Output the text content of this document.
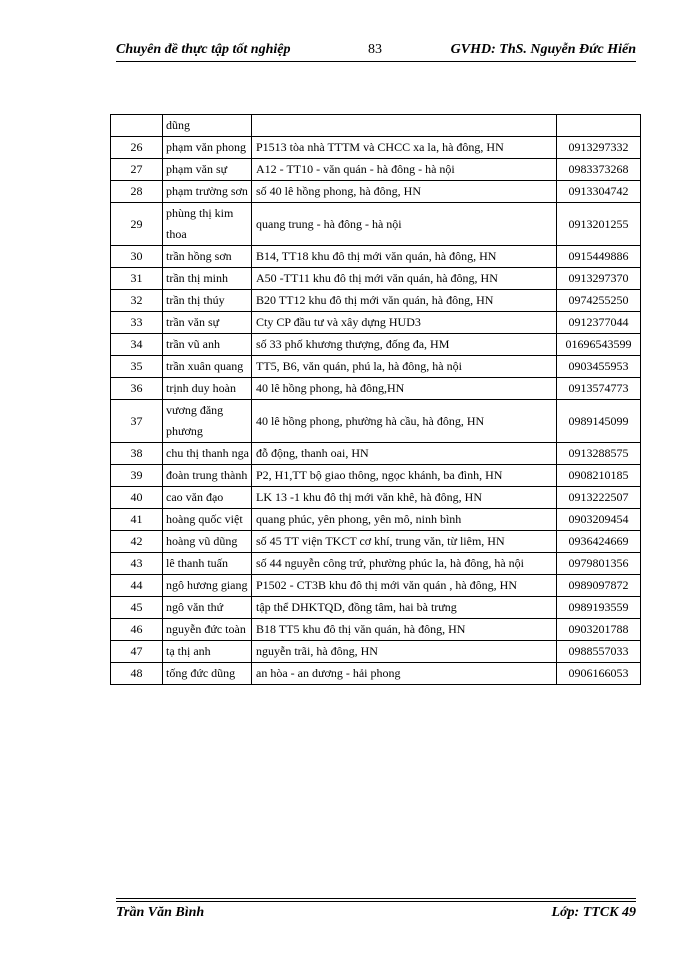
Chuyên đề thực tập tốt nghiệp	83	GVHD: ThS. Nguyễn Đức Hiển
	dũng		
26	phạm văn phong	P1513 tòa nhà TTTM và CHCC xa la, hà đông, HN	0913297332
27	phạm văn sự	A12 - TT10 - văn quán - hà đông - hà nội	0983373268
28	phạm trường sơn	số 40 lê hồng phong, hà đông, HN	0913304742
29	phùng thị kim thoa	quang trung - hà đông - hà nội	0913201255
30	trần hồng sơn	B14, TT18 khu đô thị mới văn quán, hà đông, HN	0915449886
31	trần thị minh	A50 -TT11 khu đô thị mới văn quán, hà đông, HN	0913297370
32	trần thị thúy	B20 TT12 khu đô thị mới văn quán, hà đông, HN	0974255250
33	trần văn sự	Cty CP đầu tư và xây dựng HUD3	0912377044
34	trần vũ anh	số 33 phố khương thượng, đống đa, HM	01696543599
35	trần xuân quang	TT5, B6, văn quán, phú la, hà đông, hà nội	0903455953
36	trịnh duy hoàn	40 lê hồng phong, hà đông,HN	0913574773
37	vương đăng phương	40 lê hồng phong, phường hà cầu, hà đông, HN	0989145099
38	chu thị thanh nga	đỗ động, thanh oai, HN	0913288575
39	đoàn trung thành	P2, H1,TT bộ giao thông, ngọc khánh, ba đình, HN	0908210185
40	cao văn đạo	LK 13 -1 khu đô thị mới văn khê, hà đông, HN	0913222507
41	hoàng quốc việt	quang phúc, yên phong, yên mô, ninh bình	0903209454
42	hoàng vũ dũng	số 45 TT viện TKCT cơ khí, trung văn, từ liêm, HN	0936424669
43	lê thanh tuấn	số 44 nguyễn công trứ, phường phúc la, hà đông, hà nội	0979801356
44	ngô hương giang	P1502 - CT3B khu đô thị mới văn quán , hà đông, HN	0989097872
45	ngô văn thứ	tập thể DHKTQD, đồng tâm, hai bà trưng	0989193559
46	nguyễn đức toàn	B18 TT5 khu đô thị văn quán, hà đông, HN	0903201788
47	tạ thị anh	nguyễn trãi, hà đông, HN	0988557033
48	tống đức dũng	an hòa - an dương - hải phong	0906166053
Trần Văn Bình	Lớp: TTCK 49
